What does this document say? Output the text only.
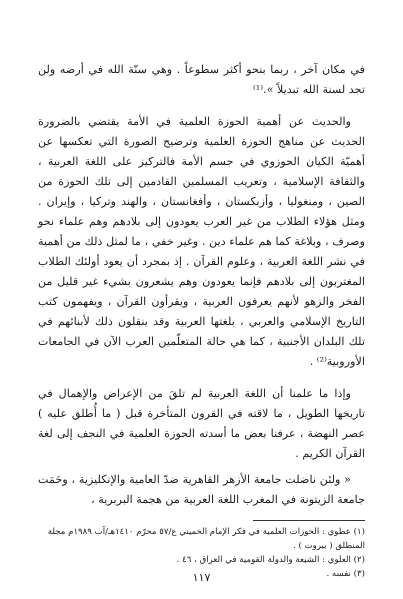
في مكان آخر ، ربما بنحو أكثر سطوعاً . وهي سنّة الله في أرضه ولن تجد لسنة الله تبديلاً ».⁽¹⁾

والحديث عن أهمية الحوزة العلمية في الأمة يقتضي بالضرورة الحديث عن مناهج الحوزة العلمية وترضيح الصورة التي تعكسها عن أهميّة الكيان الحوزوي في جسم الأمة فالتركيز على اللغة العربية ، والثقافة الإسلامية ، وتعريب المسلمين القادمين إلى تلك الحوزة من الصين ، ومنغوليا ، وأزبكستان ، وأفغانستان ، والهند وتركيا ، وإيران . ومثل هؤلاء الطلاب من غير العرب يعودون إلى بلادهم وهم علماء نحو وصرف ، وبلاغة كما هم علماء دين . وغير خفي ، ما لمثل ذلك من أهمية في نشر اللغة العربية ، وعلوم القرآن . إذ بمجرد أن يعود أولئك الطلاب المغتربون إلى بلادهم فإنما يعودون وهم يشعرون بشيء غير قليل من الفخر والزهو لأنهم يعرفون العربية ، ويقرأون القرآن ، ويفهمون كتب التاريخ الإسلامي والعربي ، بلغتها العربية وقد ينقلون ذلك لأبنائهم في تلك البلدان الأجنبية ، كما هي حالة المتعلّمين العرب الآن في الجامعات الأوروبية⁽²⁾ .

وإذا ما علمنا أن اللغة العربية لم تلقَ من الإعراض والإهمال في تاريخها الطويل ، ما لاقته في القرون المتأخرة قبل ( ما أُطلق عليه ) عصر النهضة ، عرفنا بعض ما أسدته الحوزة العلمية في النجف إلى لغة القرآن الكريم .

« ولئن ناضلت جامعة الأزهر القاهرية ضدّ العامية والإنكليزية ، وحَمَت جامعة الزيتونة في المغرب اللغة العربية من هجمة البربرية ،

(١) عطوي : الحوزات العلمية في فكر الإمام الخميني ع/٥٧ محرّم ١٤١٠هـ/آب ١٩٨٩م مجلة المنطلق ( بيروت ) .
(٢) العلوي : الشيعة والدولة القومية في العراق ، ٤٦ .
(٣) نفسه .
١١٧
